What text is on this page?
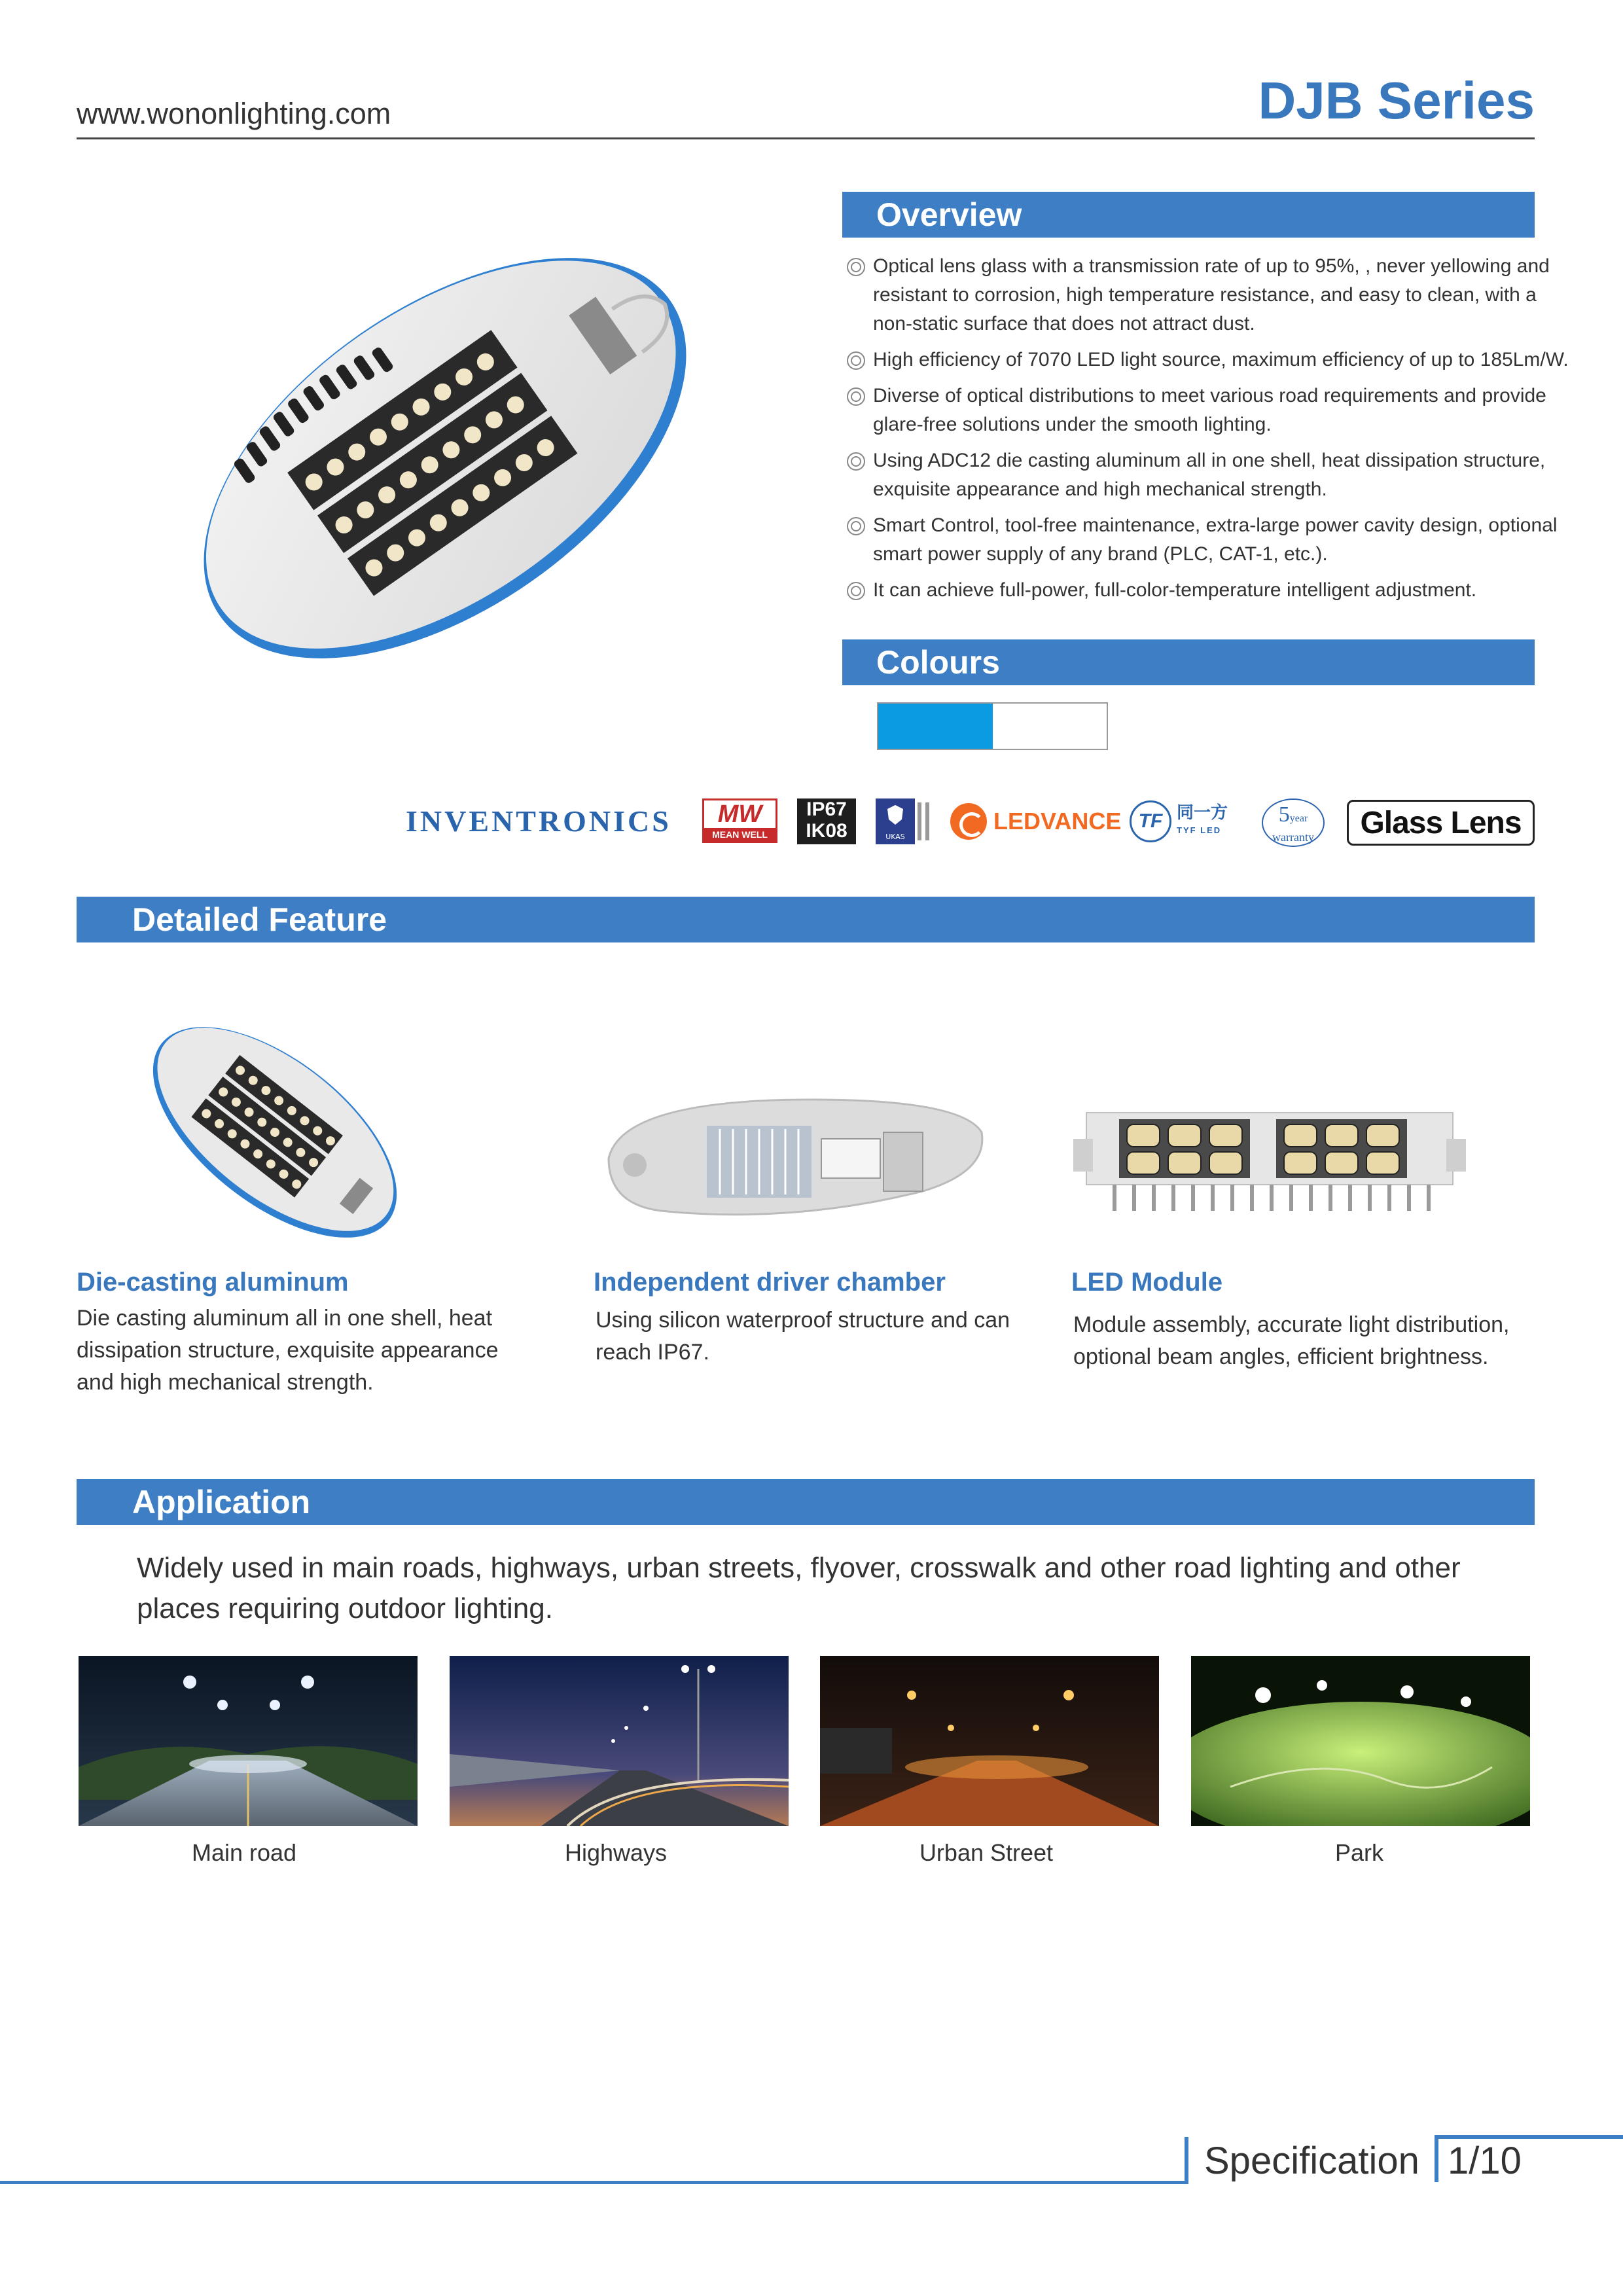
www.wononlighting.com	DJB Series
Overview
Optical lens glass with a transmission rate of up to 95%, , never yellowing and resistant to corrosion, high temperature resistance, and easy to clean, with a non-static surface that does not attract dust.
High efficiency of 7070 LED light source, maximum efficiency of up to 185Lm/W.
Diverse of optical distributions to meet various road requirements and provide glare-free solutions under the smooth lighting.
Using ADC12 die casting aluminum all in one shell, heat dissipation structure, exquisite appearance and high mechanical strength.
Smart Control, tool-free maintenance, extra-large power cavity design, optional smart power supply of any brand (PLC, CAT-1, etc.).
It can achieve full-power, full-color-temperature intelligent adjustment.
Colours
INVENTRONICS	MW
MEAN WELL
IP67
IK08	UKAS
LEDVANCE TF 同一方
TYF LED
5year
warranty	Glass Lens
Detailed Feature
Die-casting aluminum
Die casting aluminum all in one shell, heat dissipation structure, exquisite appearance and high mechanical strength.
Independent driver chamber
Using silicon waterproof structure and can reach IP67.
LED Module
Module assembly, accurate light distribution, optional beam angles, efficient brightness.
Application
Widely used in main roads, highways, urban streets, flyover, crosswalk and other road lighting and other places requiring outdoor lighting.
Main road	Highways	Urban Street	Park
Specification 1/10
